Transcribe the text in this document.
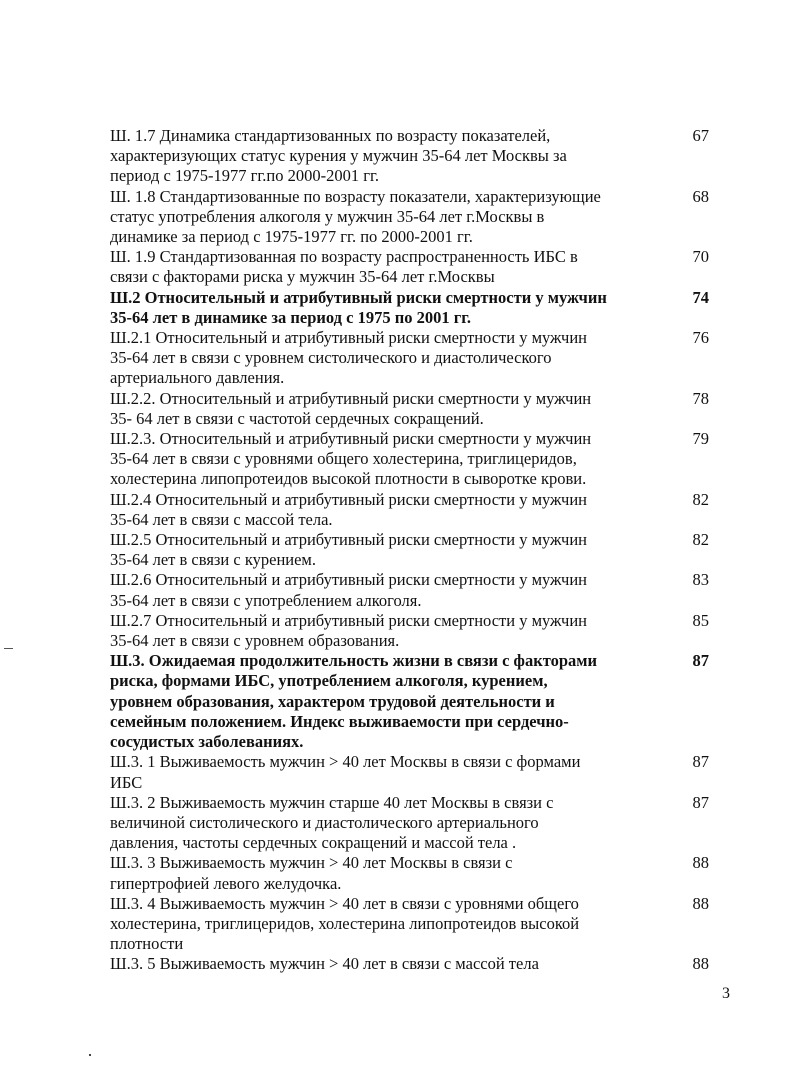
Ш. 1.7 Динамика стандартизованных по возрасту показателей,
характеризующих статус курения у мужчин 35-64 лет Москвы за
период с 1975-1977 гг.по 2000-2001 гг.
67
Ш. 1.8 Стандартизованные по возрасту показатели, характеризующие
статус употребления алкоголя у мужчин 35-64 лет г.Москвы в
динамике за период с 1975-1977 гг. по 2000-2001 гг.
68
Ш. 1.9 Стандартизованная по возрасту распространенность ИБС в
связи с факторами риска у мужчин 35-64 лет г.Москвы
70
Ш.2 Относительный и атрибутивный риски смертности у мужчин
35-64 лет в динамике за период с 1975 по 2001 гг.
74
Ш.2.1 Относительный и атрибутивный риски смертности у мужчин
35-64 лет в связи с уровнем систолического и диастолического
артериального давления.
76
Ш.2.2. Относительный и атрибутивный риски смертности у мужчин
35- 64 лет в связи с частотой сердечных сокращений.
78
Ш.2.3. Относительный и атрибутивный риски смертности у мужчин
35-64 лет в связи с уровнями общего холестерина, триглицеридов,
холестерина липопротеидов высокой плотности в сыворотке крови.
79
Ш.2.4 Относительный и атрибутивный риски смертности у мужчин
35-64 лет в связи с массой тела.
82
Ш.2.5 Относительный и атрибутивный риски смертности у мужчин
35-64 лет в связи с курением.
82
Ш.2.6 Относительный и атрибутивный риски смертности у мужчин
35-64 лет в связи с употреблением алкоголя.
83
Ш.2.7 Относительный и атрибутивный риски смертности у мужчин
35-64 лет в связи с уровнем образования.
85
Ш.3. Ожидаемая продолжительность жизни в связи с факторами
риска, формами ИБС, употреблением алкоголя, курением,
уровнем образования, характером трудовой деятельности и
семейным положением. Индекс выживаемости при сердечно-
сосудистых заболеваниях.
87
Ш.3. 1 Выживаемость мужчин > 40 лет Москвы в связи с формами
ИБС
87
Ш.3. 2 Выживаемость мужчин старше 40 лет Москвы в связи с
величиной систолического и диастолического артериального
давления, частоты сердечных сокращений и массой тела .
87
Ш.3. 3 Выживаемость мужчин > 40 лет Москвы в связи с
гипертрофией левого желудочка.
88
Ш.3. 4 Выживаемость мужчин > 40 лет в связи с уровнями общего
холестерина, триглицеридов, холестерина липопротеидов высокой
плотности
88
Ш.3. 5 Выживаемость мужчин > 40 лет в связи с массой тела	88
3
